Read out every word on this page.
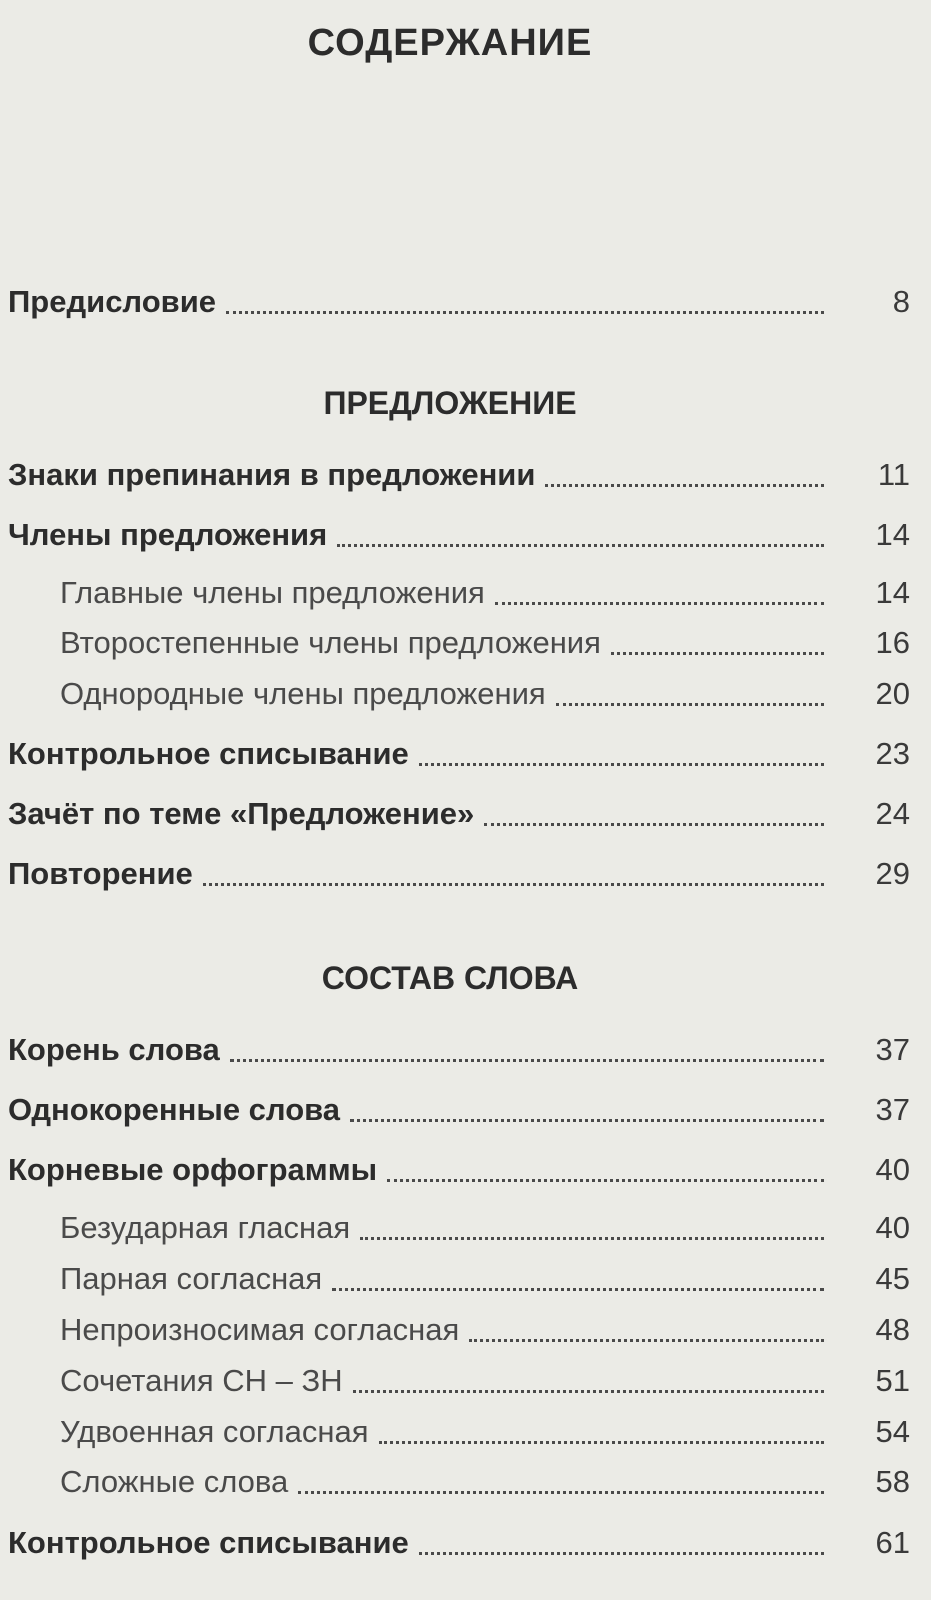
СОДЕРЖАНИЕ
Предисловие	8
ПРЕДЛОЖЕНИЕ
Знаки препинания в предложении	11
Члены предложения	14
Главные члены предложения	14
Второстепенные члены предложения	16
Однородные члены предложения	20
Контрольное списывание	23
Зачёт по теме «Предложение»	24
Повторение	29
СОСТАВ СЛОВА
Корень слова	37
Однокоренные слова	37
Корневые орфограммы	40
Безударная гласная	40
Парная согласная	45
Непроизносимая согласная	48
Сочетания СН – ЗН	51
Удвоенная согласная	54
Сложные слова	58
Контрольное списывание	61
